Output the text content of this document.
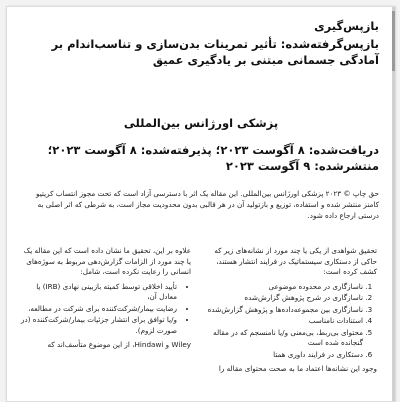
بازپس‌گیری
بازپس‌گرفته‌شده: تأثیر تمرینات بدن‌سازی و تناسب‌اندام بر آمادگی جسمانی مبتنی بر یادگیری عمیق
پزشکی اورژانس بین‌المللی

دریافت‌شده: ۸ آگوست ۲۰۲۳؛ پذیرفته‌شده: ۸ آگوست ۲۰۲۳؛ منتشرشده: ۹ آگوست ۲۰۲۳

حق چاپ © ۲۰۲۳ پزشکی اورژانس بین‌المللی. این مقاله یک اثر با دسترسی آزاد است که تحت مجوز انتساب کریتیو کامنز منتشر شده و استفاده، توزیع و بازتولید آن در هر قالبی بدون محدودیت مجاز است، به شرطی که اثر اصلی به درستی ارجاع داده شود.

تحقیق شواهدی از یکی یا چند مورد از نشانه‌های زیر که حاکی از دستکاری سیستماتیک در فرایند انتشار هستند، کشف کرده است:

1. ناسازگاری در محدوده موضوعی
2. ناسازگاری در شرح پژوهش گزارش‌شده
3. ناسازگاری بین مجموعه‌داده‌ها و پژوهش گزارش‌شده
4. استنادات نامناسب
5. محتوای بی‌ربط، بی‌معنی و/یا نامنسجم که در مقاله گنجانده شده است
6. دستکاری در فرایند داوری همتا

وجود این نشانه‌ها اعتماد ما به صحت محتوای مقاله را

علاوه بر این، تحقیق ما نشان داده است که این مقاله یک یا چند مورد از الزامات گزارش‌دهی مربوط به سوژه‌های انسانی را رعایت نکرده است، شامل:

• تأیید اخلاقی توسط کمیته بازبینی نهادی (IRB) یا معادل آن،
• رضایت بیمار/شرکت‌کننده برای شرکت در مطالعه،
• و/یا توافق برای انتشار جزئیات بیمار/شرکت‌کننده (در صورت لزوم).

Wiley و Hindawi، از این موضوع متأسف‌اند که
